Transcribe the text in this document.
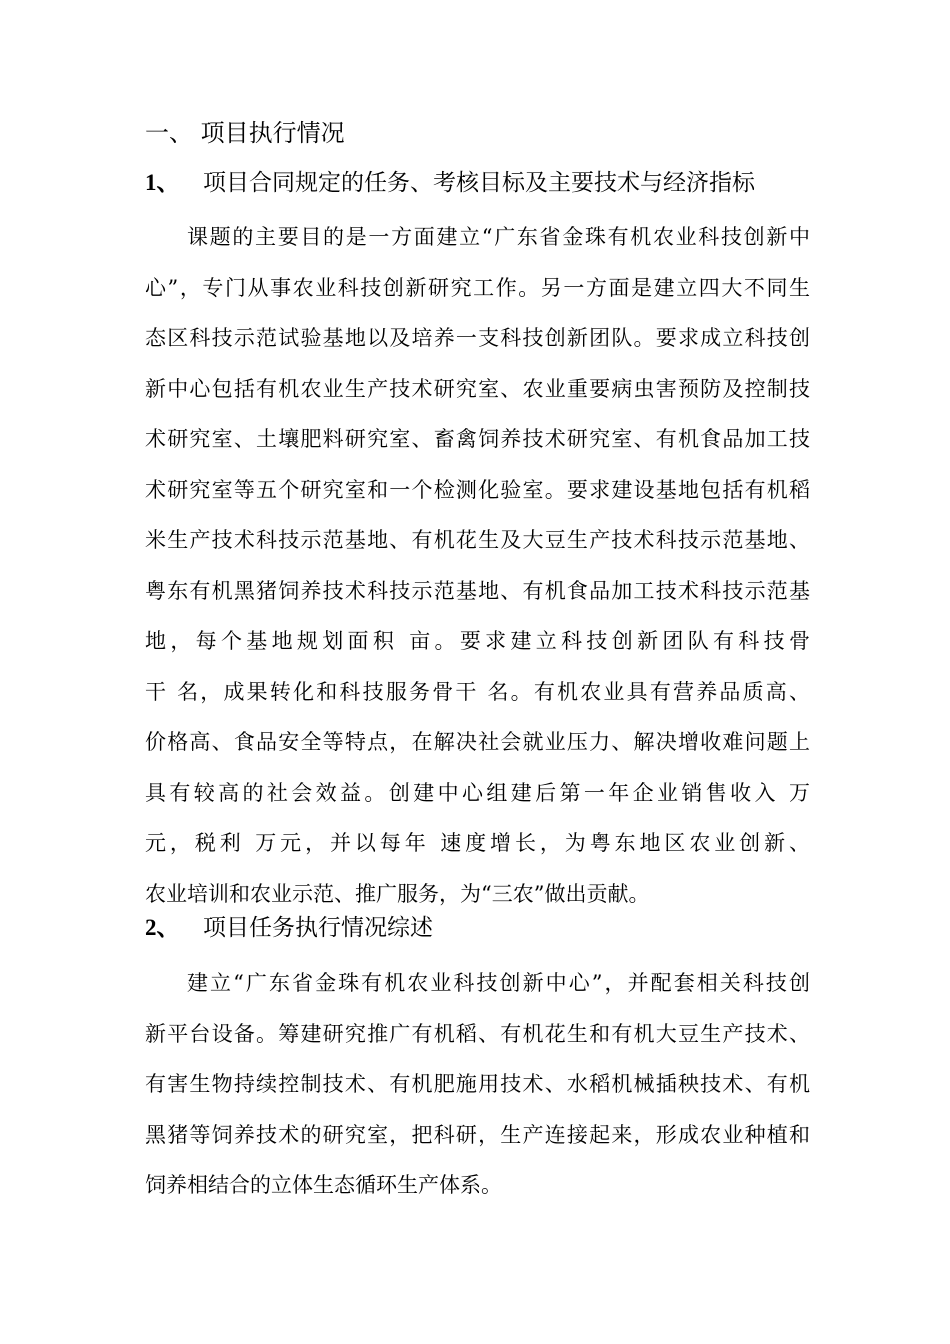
一、 项目执行情况
1、 项目合同规定的任务、考核目标及主要技术与经济指标
课题的主要目的是一方面建立“广东省金珠有机农业科技创新中
心”，专门从事农业科技创新研究工作。另一方面是建立四大不同生
态区科技示范试验基地以及培养一支科技创新团队。要求成立科技创
新中心包括有机农业生产技术研究室、农业重要病虫害预防及控制技
术研究室、土壤肥料研究室、畜禽饲养技术研究室、有机食品加工技
术研究室等五个研究室和一个检测化验室。要求建设基地包括有机稻
米生产技术科技示范基地、有机花生及大豆生产技术科技示范基地、
粤东有机黑猪饲养技术科技示范基地、有机食品加工技术科技示范基
地，每个基地规划面积 亩。要求建立科技创新团队有科技骨
干 名，成果转化和科技服务骨干 名。有机农业具有营养品质高、
价格高、食品安全等特点，在解决社会就业压力、解决增收难问题上
具有较高的社会效益。创建中心组建后第一年企业销售收入 万
元，税利 万元，并以每年 速度增长，为粤东地区农业创新、
农业培训和农业示范、推广服务，为“三农”做出贡献。
2、 项目任务执行情况综述
建立“广东省金珠有机农业科技创新中心”，并配套相关科技创
新平台设备。筹建研究推广有机稻、有机花生和有机大豆生产技术、
有害生物持续控制技术、有机肥施用技术、水稻机械插秧技术、有机
黑猪等饲养技术的研究室，把科研，生产连接起来，形成农业种植和
饲养相结合的立体生态循环生产体系。
